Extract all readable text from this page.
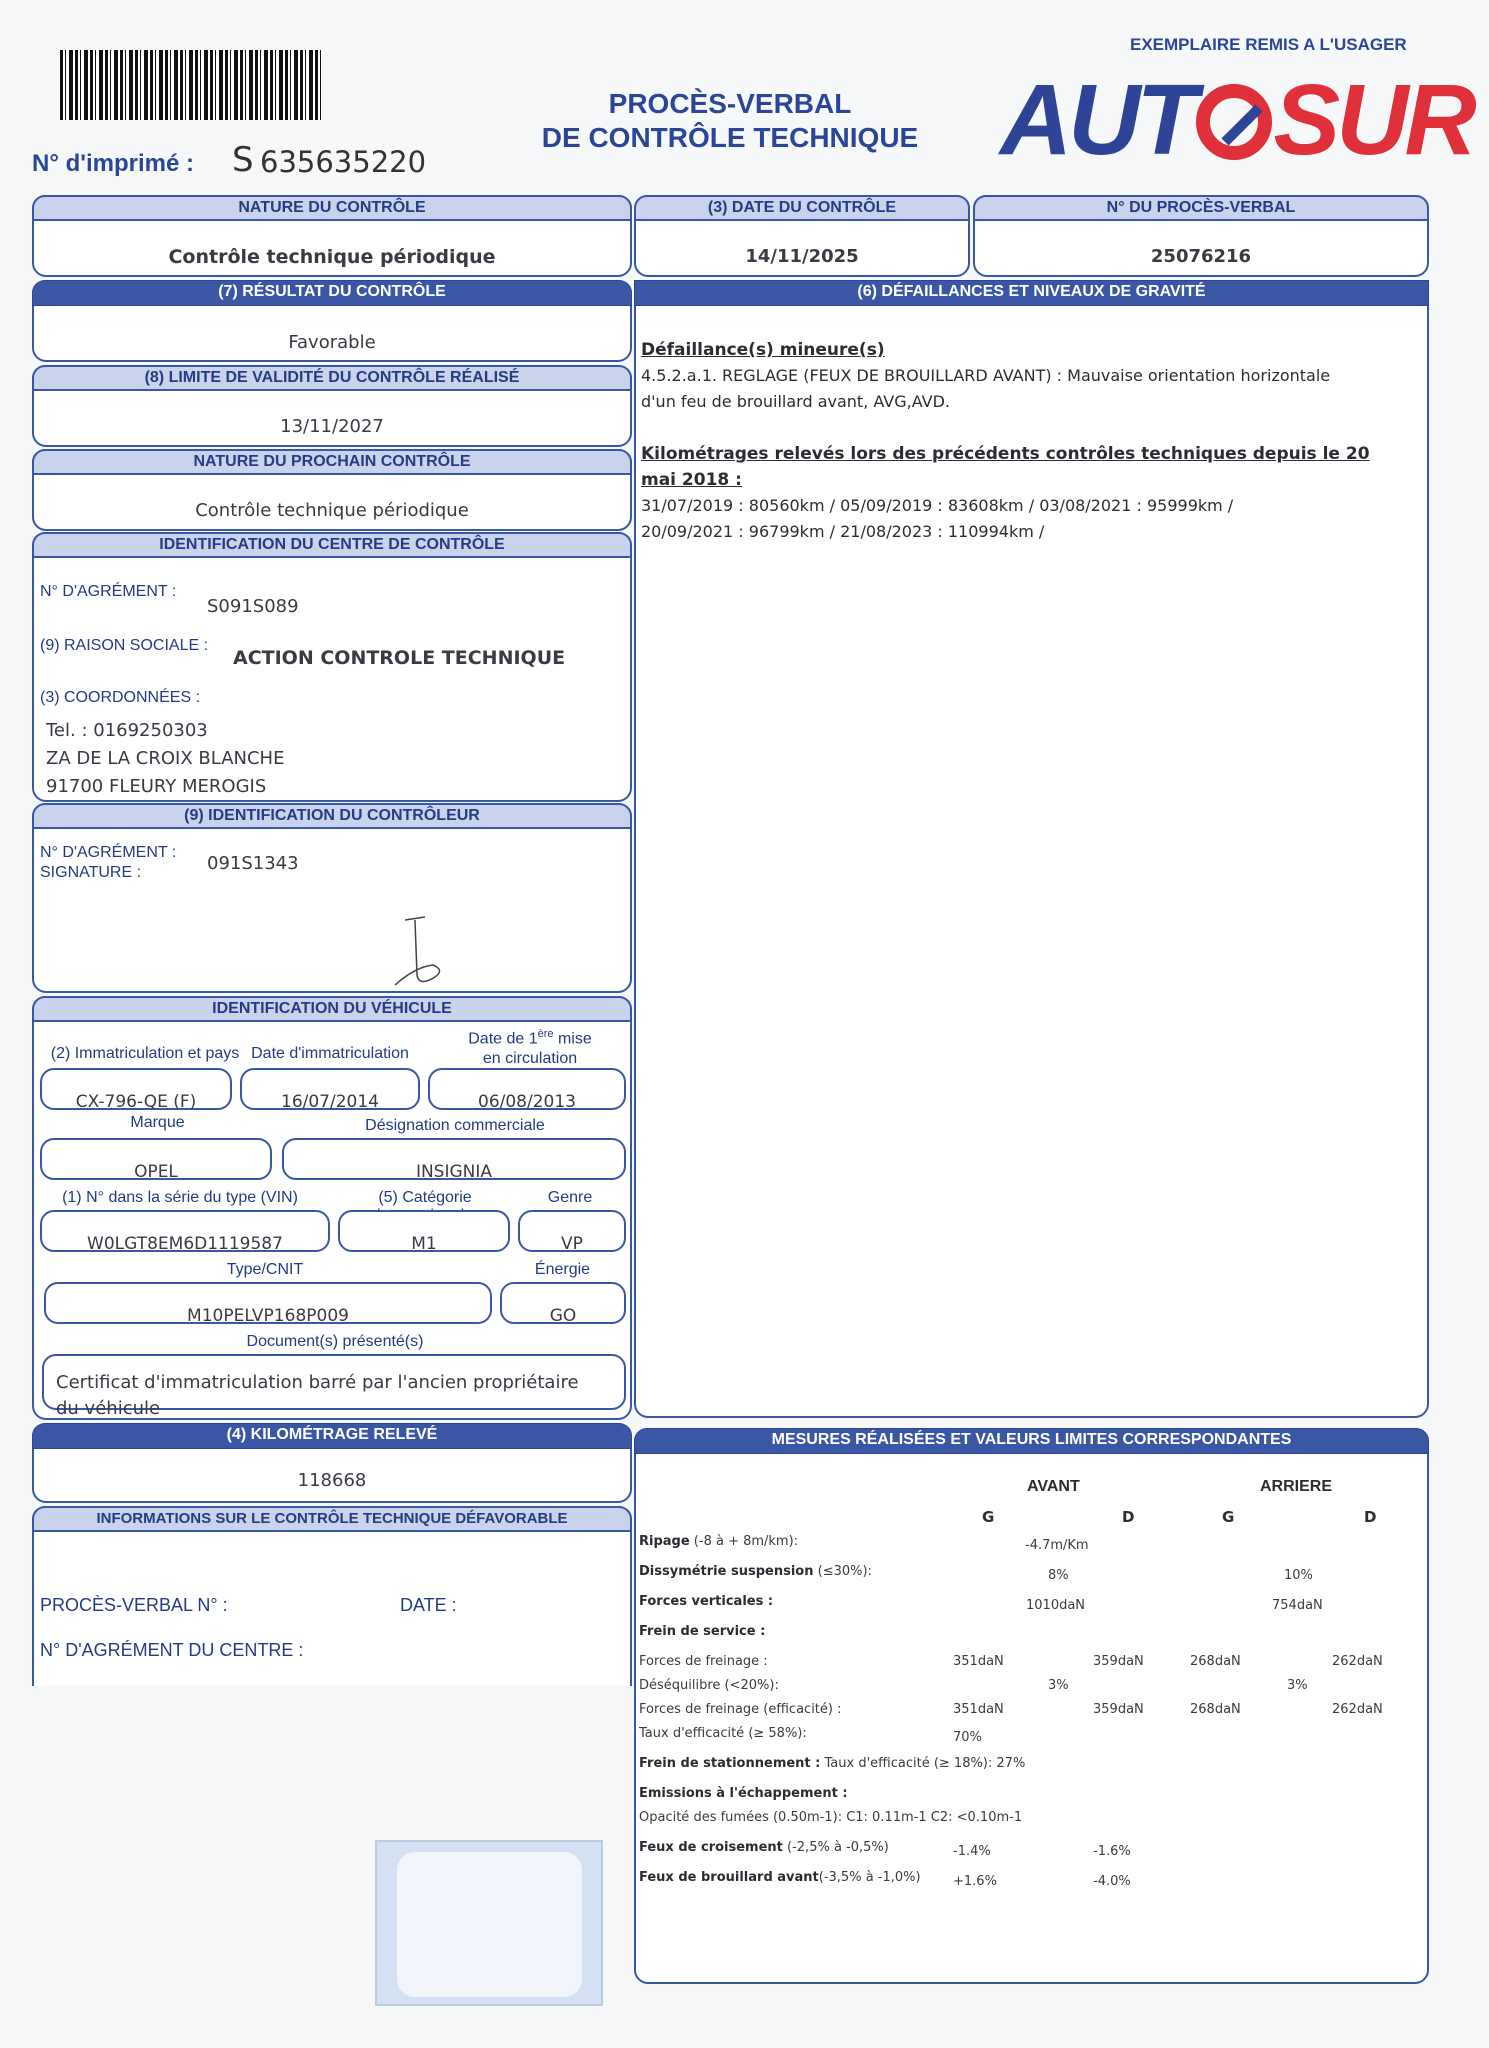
N° d'imprimé : S 635635220
PROCÈS-VERBAL
DE CONTRÔLE TECHNIQUE
EXEMPLAIRE REMIS A L'USAGER
AUT SUR
NATURE DU CONTRÔLE
Contrôle technique périodique
(7) RÉSULTAT DU CONTRÔLE
Favorable
(8) LIMITE DE VALIDITÉ DU CONTRÔLE RÉALISÉ
13/11/2027
NATURE DU PROCHAIN CONTRÔLE
Contrôle technique périodique
IDENTIFICATION DU CENTRE DE CONTRÔLE
N° D'AGRÉMENT :
S091S089
(9) RAISON SOCIALE :
ACTION CONTROLE TECHNIQUE
(3) COORDONNÉES :
Tel. : 0169250303
ZA DE LA CROIX BLANCHE
91700 FLEURY MEROGIS
(9) IDENTIFICATION DU CONTRÔLEUR
N° D'AGRÉMENT :
SIGNATURE :	091S1343
IDENTIFICATION DU VÉHICULE
(2) Immatriculation et pays Date d'immatriculation
Date de 1ère mise
en circulation
CX-796-QE (F)	16/07/2014	06/08/2013
Marque	Désignation commerciale
OPEL	INSIGNIA
(1) N° dans la série du type (VIN)	(5) Catégorie	Genre
W0LGT8EM6D1119587	M1	VP
Type/CNIT	Énergie
M10PELVP168P009	GO
Document(s) présenté(s)
Certificat d'immatriculation barré par l'ancien propriétaire
du véhicule
(4) KILOMÉTRAGE RELEVÉ
118668
INFORMATIONS SUR LE CONTRÔLE TECHNIQUE DÉFAVORABLE
PROCÈS-VERBAL N° :	DATE :
N° D'AGRÉMENT DU CENTRE :
(3) DATE DU CONTRÔLE
14/11/2025
N° DU PROCÈS-VERBAL
25076216
(6) DÉFAILLANCES ET NIVEAUX DE GRAVITÉ
Défaillance(s) mineure(s)
4.5.2.a.1. REGLAGE (FEUX DE BROUILLARD AVANT) : Mauvaise orientation horizontale
d'un feu de brouillard avant, AVG,AVD.
Kilométrages relevés lors des précédents contrôles techniques depuis le 20
mai 2018 :
31/07/2019 : 80560km / 05/09/2019 : 83608km / 03/08/2021 : 95999km /
20/09/2021 : 96799km / 21/08/2023 : 110994km /
MESURES RÉALISÉES ET VALEURS LIMITES CORRESPONDANTES
AVANT	ARRIERE
G	D	G	D
Ripage (-8 à + 8m/km):	-4.7m/Km
Dissymétrie suspension (≤30%):	8%	10%
Forces verticales :	1010daN	754daN
Frein de service :
Forces de freinage :	351daN	359daN	268daN	262daN
Déséquilibre (<20%):	3%	3%
Forces de freinage (efficacité) :	351daN	359daN	268daN	262daN
Taux d'efficacité (≥ 58%):	70%
Frein de stationnement : Taux d'efficacité (≥ 18%): 27%
Emissions à l'échappement :
Opacité des fumées (0.50m-1): C1: 0.11m-1 C2: <0.10m-1
Feux de croisement (-2,5% à -0,5%)	-1.4%	-1.6%
Feux de brouillard avant(-3,5% à -1,0%) +1.6%	-4.0%
